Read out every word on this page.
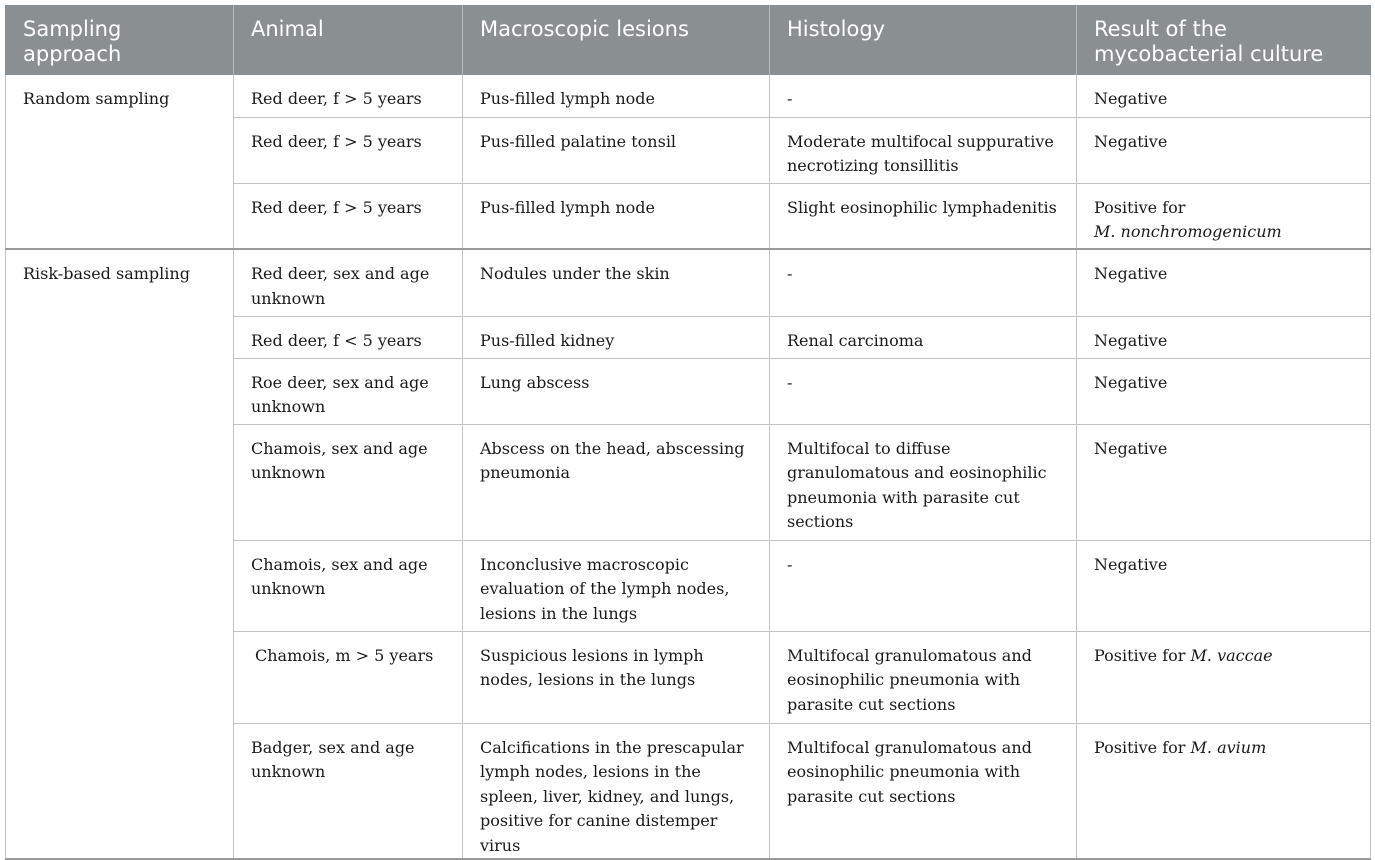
Sampling approach	Animal	Macroscopic lesions	Histology	Result of the mycobacterial culture
Random sampling	Red deer, f > 5 years	Pus-filled lymph node	-	Negative
	Red deer, f > 5 years	Pus-filled palatine tonsil	Moderate multifocal suppurative necrotizing tonsillitis	Negative
	Red deer, f > 5 years	Pus-filled lymph node	Slight eosinophilic lymphadenitis	Positive for
M. nonchromogenicum
Risk-based sampling	Red deer, sex and age unknown	Nodules under the skin	-	Negative
	Red deer, f < 5 years	Pus-filled kidney	Renal carcinoma	Negative
	Roe deer, sex and age unknown	Lung abscess	-	Negative
	Chamois, sex and age unknown	Abscess on the head, abscessing pneumonia	Multifocal to diffuse granulomatous and eosinophilic pneumonia with parasite cut sections	Negative
	Chamois, sex and age unknown	Inconclusive macroscopic evaluation of the lymph nodes, lesions in the lungs	-	Negative
	Chamois, m > 5 years	Suspicious lesions in lymph nodes, lesions in the lungs	Multifocal granulomatous and eosinophilic pneumonia with parasite cut sections	Positive for M. vaccae
	Badger, sex and age unknown	Calcifications in the prescapular lymph nodes, lesions in the spleen, liver, kidney, and lungs, positive for canine distemper virus	Multifocal granulomatous and eosinophilic pneumonia with parasite cut sections	Positive for M. avium
